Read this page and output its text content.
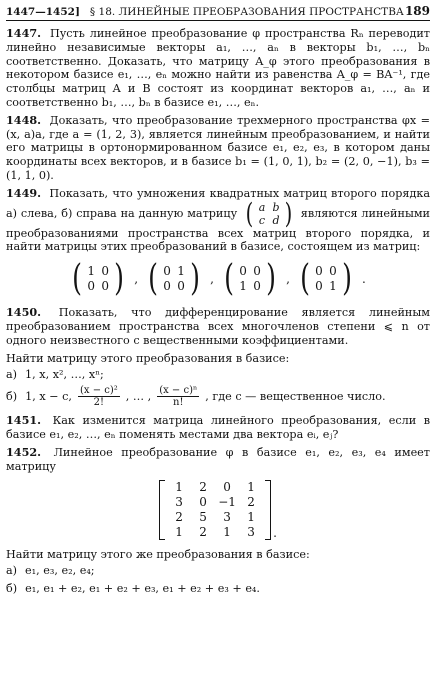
1447—1452] § 18. ЛИНЕЙНЫЕ ПРЕОБРАЗОВАНИЯ ПРОСТРАНСТВА 189

1447. Пусть линейное преобразование φ пространства Rₙ переводит линейно независимые векторы a₁, …, aₙ в векторы b₁, …, bₙ соответственно. Доказать, что матрицу A_φ этого преобразования в некотором базисе e₁, …, eₙ можно найти из равенства A_φ = BA⁻¹, где столбцы матриц A и B состоят из координат векторов a₁, …, aₙ и соответственно b₁, …, bₙ в базисе e₁, …, eₙ.

1448. Доказать, что преобразование трехмерного пространства φx = (x, a)a, где a = (1, 2, 3), является линейным преобразованием, и найти его матрицы в ортонормированном базисе e₁, e₂, e₃, в котором даны координаты всех векторов, и в базисе b₁ = (1, 0, 1), b₂ = (2, 0, −1), b₃ = (1, 1, 0).

1449. Показать, что умножения квадратных матриц второго порядка а) слева, б) справа на данную матрицу ( a b
c d ) являются линейными преобразованиями пространства всех матриц второго порядка, и найти матрицы этих преобразований в базисе, состоящем из матриц:

( 1 0
0 0 ) , ( 0 1
0 0 ) , ( 0 0
1 0 ) , ( 0 0
0 1 ) .

1450. Показать, что дифференцирование является линейным преобразованием пространства всех многочленов степени ⩽ n от одного неизвестного с вещественными коэффициентами.

Найти матрицу этого преобразования в базисе:

а) 1, x, x², …, xⁿ;
б) 1, x − c, $\frac{\text{(x − c)²}}{2!}$ , … , $\frac{\text{(x − c)ⁿ}}{n!}$ , где c — вещественное число.

1451. Как изменится матрица линейного преобразования, если в базисе e₁, e₂, …, eₙ поменять местами два вектора eᵢ, eⱼ?

1452. Линейное преобразование φ в базисе e₁, e₂, e₃, e₄ имеет матрицу

1	2	0	1
3	0 −1 2
2	5	3	1
1	2	1	3	.

Найти матрицу этого же преобразования в базисе:

а) e₁, e₃, e₂, e₄;
б) e₁, e₁ + e₂, e₁ + e₂ + e₃, e₁ + e₂ + e₃ + e₄.
